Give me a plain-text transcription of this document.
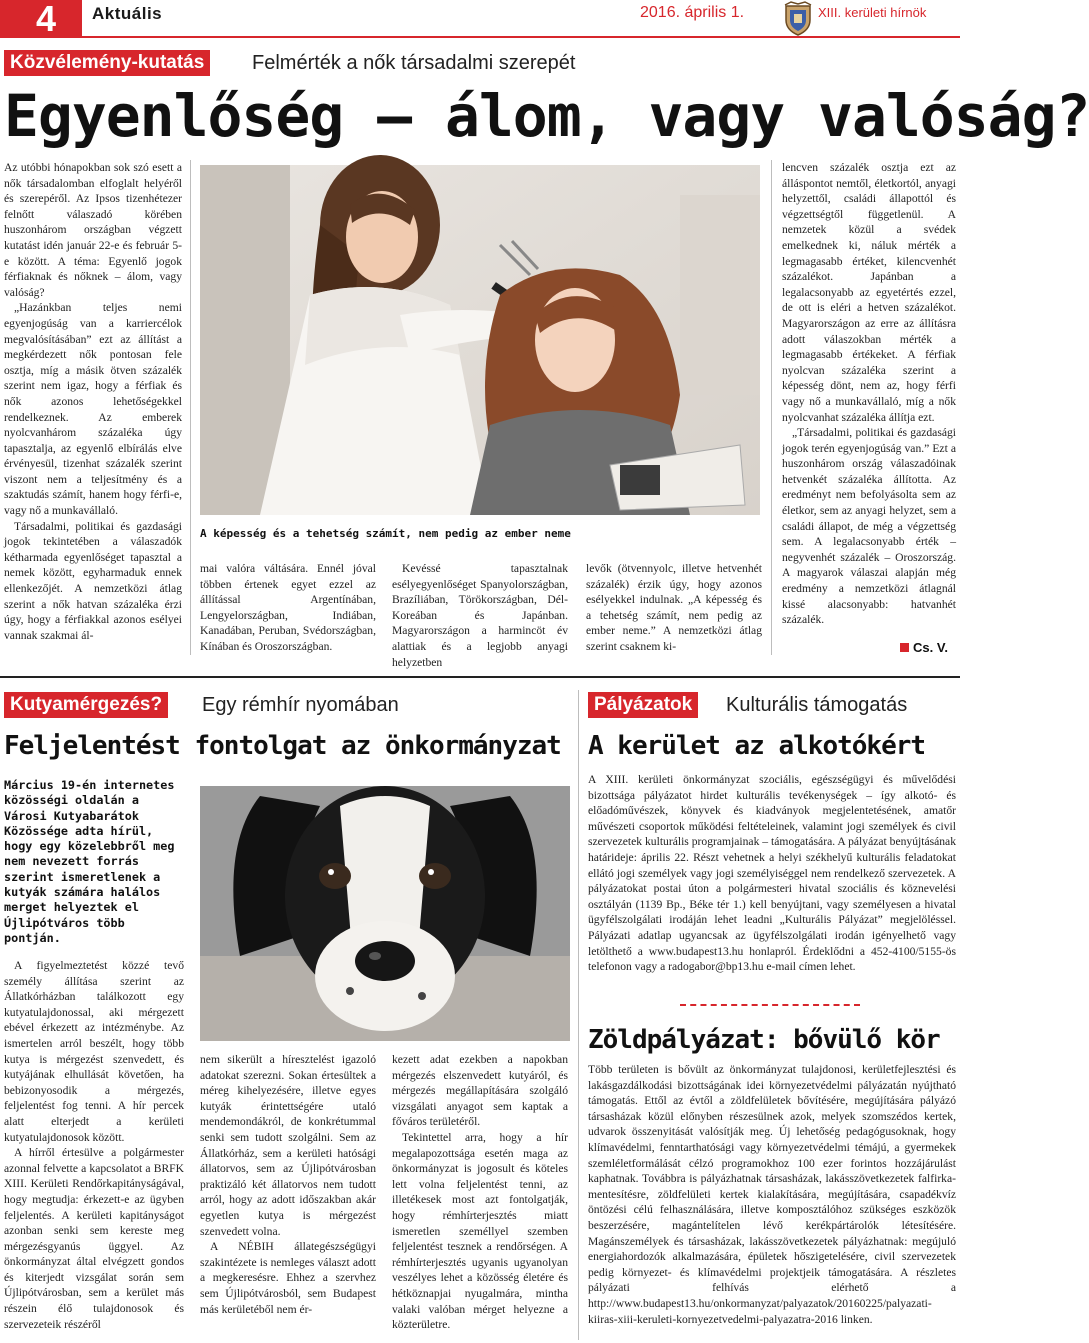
4	Aktuális	2016. április 1.	XIII. kerületi hírnök
Közvélemény-kutatás	Felmérték a nők társadalmi szerepét
Egyenlőség – álom, vagy valóság?

Az utóbbi hónapokban sok szó esett a nők társadalomban elfoglalt helyéről és szerepéről. Az Ipsos tizenhétezer felnőtt válaszadó körében huszonhárom országban végzett kutatást idén január 22-e és február 5-e között. A téma: Egyenlő jogok férfiaknak és nőknek – álom, vagy valóság?

„Hazánkban teljes nemi egyenjogúság van a karriercélok megvalósításában” ezt az állítást a megkérdezett nők pontosan fele osztja, míg a másik ötven százalék szerint nem igaz, hogy a férfiak és nők azonos lehetőségekkel rendelkeznek. Az emberek nyolcvanhárom százaléka úgy tapasztalja, az egyenlő elbírálás elve érvényesül, tizenhat százalék szerint viszont nem a teljesítmény és a szaktudás számít, hanem hogy férfi-e, vagy nő a munkavállaló.

Társadalmi, politikai és gazdasági jogok tekintetében a válaszadók kétharmada egyenlőséget tapasztal a nemek között, egyharmaduk ennek ellenkezőjét. A nemzetközi átlag szerint a nők hatvan százaléka érzi úgy, hogy a férfiakkal azonos esélyei vannak szakmai ál-

A képesség és a tehetség számít, nem pedig az ember neme

mai valóra váltására. Ennél jóval többen értenek egyet ezzel az állítással Argentínában, Lengyelországban, Indiában, Kanadában, Peruban, Svédországban, Kínában és Oroszországban.

Kevéssé tapasztalnak esélyegyenlőséget Spanyolországban, Brazíliában, Törökországban, Dél-Koreában és Japánban. Magyarországon a harmincöt év alattiak és a legjobb anyagi helyzetben

levők (ötvennyolc, illetve hetvenhét százalék) érzik úgy, hogy azonos esélyekkel indulnak. „A képesség és a tehetség számít, nem pedig az ember neme.” A nemzetközi átlag szerint csaknem ki-

lencven százalék osztja ezt az álláspontot nemtől, életkortól, anyagi helyzettől, családi állapottól és végzettségtől függetlenül. A nemzetek közül a svédek emelkednek ki, náluk mérték a legmagasabb értéket, kilencvenhét százalékot. Japánban a legalacsonyabb az egyetértés ezzel, de ott is eléri a hetven százalékot. Magyarországon az erre az állításra adott válaszokban mérték a legmagasabb értékeket. A férfiak nyolcvan százaléka szerint a képesség dönt, nem az, hogy férfi vagy nő a munkavállaló, míg a nők nyolcvanhat százaléka állítja ezt.

„Társadalmi, politikai és gazdasági jogok terén egyenjogúság van.” Ezt a huszonhárom ország válaszadóinak hetvenkét százaléka állította. Az eredményt nem befolyásolta sem az életkor, sem az anyagi helyzet, sem a családi állapot, de még a végzettség sem. A legalacsonyabb érték – negyvenhét százalék – Oroszország. A magyarok válaszai alapján még eredmény a nemzetközi átlagnál kissé alacsonyabb: hatvanhét százalék.

Cs. V.
Kutyamérgezés?	Egy rémhír nyomában
Feljelentést fontolgat az önkormányzat
Március 19-én internetes közösségi oldalán a Városi Kutyabarátok Közössége adta hírül, hogy egy közelebbről meg nem nevezett forrás szerint ismeretlenek a kutyák számára halálos merget helyeztek el Újlipótváros több pontján.

A figyelmeztetést közzé tevő személy állítása szerint az Állatkórházban találkozott egy kutyatulajdonossal, aki mérgezett ebével érkezett az intézménybe. Az ismertelen arról beszélt, hogy több kutya is mérgezést szenvedett, és kutyájának elhullását követően, ha bebizonyosodik a mérgezés, feljelentést fog tenni. A hír percek alatt elterjedt a kerületi kutyatulajdonosok között.

A hírről értesülve a polgármester azonnal felvette a kapcsolatot a BRFK XIII. Kerületi Rendőrkapitányságával, hogy megtudja: érkezett-e az ügyben feljelentés. A kerületi kapitányságot azonban senki sem kereste meg mérgezésgyanús üggyel. Az önkormányzat által elvégzett gondos és kiterjedt vizsgálat során sem Újlipótvárosban, sem a kerület más részein élő tulajdonosok és szervezeteik részéről

nem sikerült a híresztelést igazoló adatokat szerezni. Sokan értesültek a méreg kihelyezésére, illetve egyes kutyák érintettségére utaló mendemondákról, de konkrétummal senki sem tudott szolgálni. Sem az Állatkórház, sem a kerületi hatósági állatorvos, sem az Újlipótvárosban praktizáló két állatorvos nem tudott arról, hogy az adott időszakban akár egyetlen kutya is mérgezést szenvedett volna.

A NÉBIH állategészségügyi szakintézete is nemleges választ adott a megkeresésre. Ehhez a szervhez sem Újlipótvárosból, sem Budapest más kerületéből nem ér-

kezett adat ezekben a napokban mérgezés elszenvedett kutyáról, és mérgezés megállapítására szolgáló vizsgálati anyagot sem kaptak a főváros területéről.

Tekintettel arra, hogy a hír megalapozottsága esetén maga az önkormányzat is jogosult és köteles lett volna feljelentést tenni, az illetékesek most azt fontolgatják, hogy rémhírterjesztés miatt ismeretlen személlyel szemben feljelentést tesznek a rendőrségen. A rémhírterjesztés ugyanis ugyanolyan veszélyes lehet a közösség életére és hétköznapjai nyugalmára, mintha valaki valóban mérget helyezne a közterületre.

Pályázatok	Kulturális támogatás
A kerület az alkotókért

A XIII. kerületi önkormányzat szociális, egészségügyi és művelődési bizottsága pályázatot hirdet kulturális tevékenységek – így alkotó- és előadóművészek, könyvek és kiadványok megjelentetésének, amatőr művészeti csoportok működési feltételeinek, valamint jogi személyek és civil szervezetek kulturális programjainak – támogatására. A pályázat benyújtásának határideje: április 22. Részt vehetnek a helyi székhelyű kulturális feladatokat ellátó jogi személyek vagy jogi személyiséggel nem rendelkező szervezetek. A pályázatokat postai úton a polgármesteri hivatal szociális és köznevelési osztályán (1139 Bp., Béke tér 1.) kell benyújtani, vagy személyesen a hivatal ügyfélszolgálati irodáján lehet leadni „Kulturális Pályázat” megjelöléssel. Pályázati adatlap ugyancsak az ügyfélszolgálati irodán igényelhető vagy letölthető a www.budapest13.hu honlapról. Érdeklődni a 452-4100/5155-ös telefonon vagy a radogabor@bp13.hu e-mail címen lehet.

Zöldpályázat: bővülő kör

Több területen is bővült az önkormányzat tulajdonosi, kerületfejlesztési és lakásgazdálkodási bizottságának idei környezetvédelmi pályázatán nyújtható támogatás. Ettől az évtől a zöldfelületek bővítésére, megújítására pályázó társasházak közül előnyben részesülnek azok, melyek szomszédos kertek, udvarok összenyitását valósítják meg. Új lehetőség pedagógusoknak, hogy klímavédelmi, fenntarthatósági vagy környezetvédelmi témájú, a gyermekek szemléletformálását célzó programokhoz 100 ezer forintos hozzájárulást kaphatnak. Továbbra is pályázhatnak társasházak, lakásszövetkezetek falfirka-mentesítésre, zöldfelületi kertek kialakítására, megújítására, csapadékvíz öntözési célú felhasználására, illetve komposztálóhoz szükséges eszközök beszerzésére, magántelítelen lévő kerékpártárolók létesítésére. Magánszemélyek és társasházak, lakásszövetkezetek pályázhatnak: megújuló energiahordozók alkalmazására, épületek hőszigetelésére, civil szervezetek pedig környezet- és klímavédelmi projektjeik támogatására. A részletes pályázati felhívás elérhető a http://www.budapest13.hu/onkormanyzat/palyazatok/20160225/palyazati-kiiras-xiii-keruleti-kornyezetvedelmi-palyazatra-2016 linken.
